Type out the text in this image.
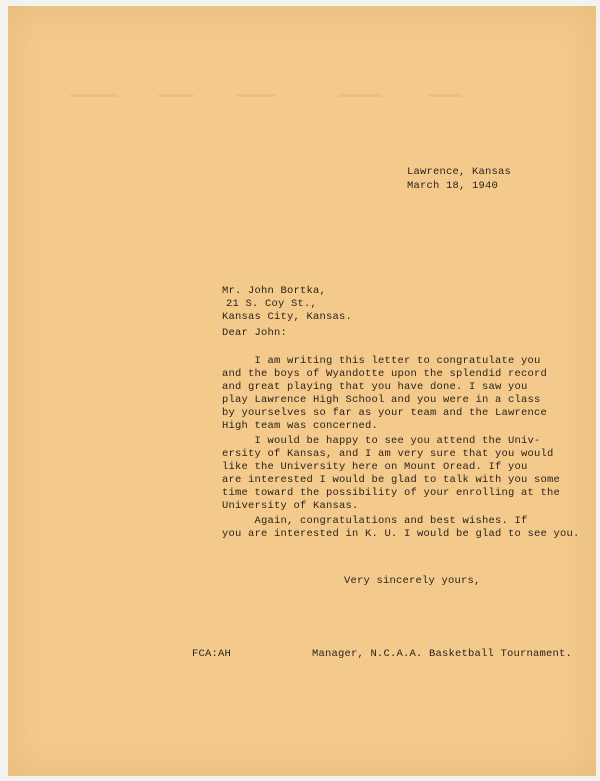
Lawrence, Kansas
March 18, 1940
Mr. John Bortka,
21 S. Coy St.,
Kansas City, Kansas.
Dear John:
I am writing this letter to congratulate you
and the boys of Wyandotte upon the splendid record
and great playing that you have done. I saw you
play Lawrence High School and you were in a class
by yourselves so far as your team and the Lawrence
High team was concerned.
I would be happy to see you attend the Univ-
ersity of Kansas, and I am very sure that you would
like the University here on Mount Oread. If you
are interested I would be glad to talk with you some
time toward the possibility of your enrolling at the
University of Kansas.
Again, congratulations and best wishes. If
you are interested in K. U. I would be glad to see you.
Very sincerely yours,
FCA:AH	Manager, N.C.A.A. Basketball Tournament.
